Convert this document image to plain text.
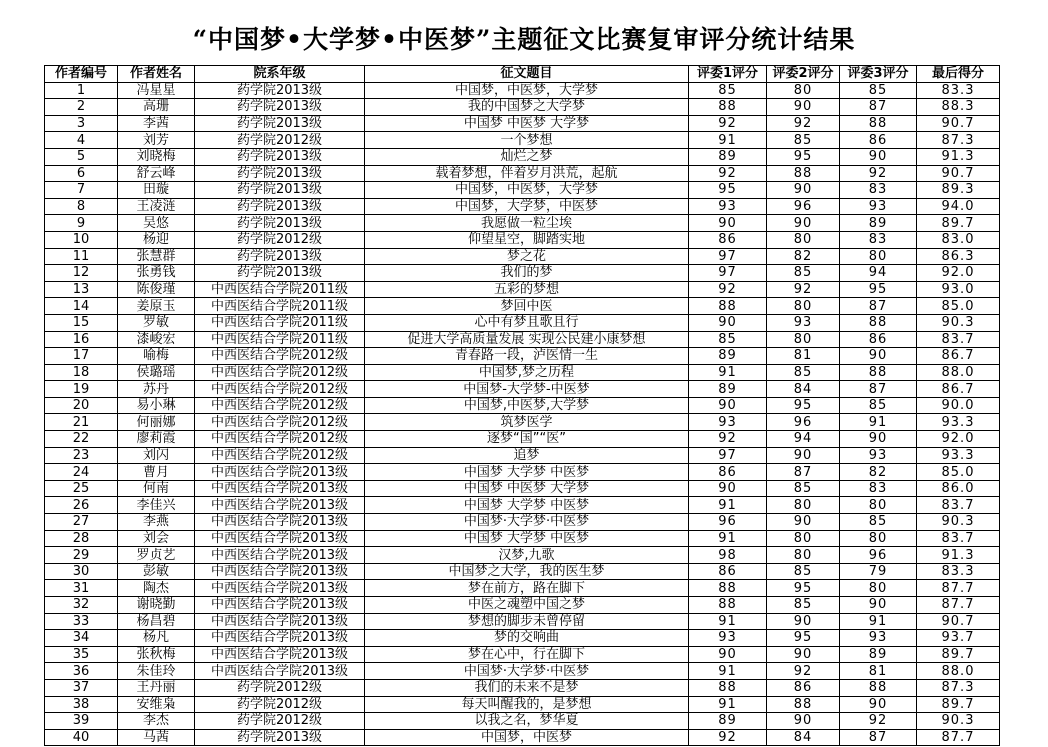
“中国梦•大学梦•中医梦”主题征文比赛复审评分统计结果
作者编号	作者姓名	院系年级	征文题目	评委1评分	评委2评分	评委3评分	最后得分
1	冯星星	药学院2013级	中国梦，中医梦，大学梦	85	80	85	83.3
2	高珊	药学院2013级	我的中国梦之大学梦	88	90	87	88.3
3	李茜	药学院2013级	中国梦 中医梦 大学梦	92	92	88	90.7
4	刘芳	药学院2012级	一个梦想	91	85	86	87.3
5	刘晓梅	药学院2013级	灿烂之梦	89	95	90	91.3
6	舒云峰	药学院2013级	载着梦想，伴着岁月洪荒，起航	92	88	92	90.7
7	田璇	药学院2013级	中国梦，中医梦，大学梦	95	90	83	89.3
8	王凌涟	药学院2013级	中国梦，大学梦，中医梦	93	96	93	94.0
9	吴悠	药学院2013级	我愿做一粒尘埃	90	90	89	89.7
10	杨迎	药学院2012级	仰望星空，脚踏实地	86	80	83	83.0
11	张慧群	药学院2013级	梦之花	97	82	80	86.3
12	张勇钱	药学院2013级	我们的梦	97	85	94	92.0
13	陈俊瑾	中西医结合学院2011级	五彩的梦想	92	92	95	93.0
14	姜原玉	中西医结合学院2011级	梦回中医	88	80	87	85.0
15	罗敏	中西医结合学院2011级	心中有梦且歌且行	90	93	88	90.3
16	漆峻宏	中西医结合学院2011级	促进大学高质量发展 实现公民建小康梦想	85	80	86	83.7
17	喻梅	中西医结合学院2012级	青春路一段，泸医情一生	89	81	90	86.7
18	侯璐瑶	中西医结合学院2012级	中国梦,梦之历程	91	85	88	88.0
19	苏丹	中西医结合学院2012级	中国梦-大学梦-中医梦	89	84	87	86.7
20	易小琳	中西医结合学院2012级	中国梦,中医梦,大学梦	90	95	85	90.0
21	何丽娜	中西医结合学院2012级	筑梦医学	93	96	91	93.3
22	廖莉霞	中西医结合学院2012级	逐梦“国”“医”	92	94	90	92.0
23	刘闪	中西医结合学院2012级	追梦	97	90	93	93.3
24	曹月	中西医结合学院2013级	中国梦 大学梦 中医梦	86	87	82	85.0
25	何南	中西医结合学院2013级	中国梦 中医梦 大学梦	90	85	83	86.0
26	李佳兴	中西医结合学院2013级	中国梦 大学梦 中医梦	91	80	80	83.7
27	李燕	中西医结合学院2013级	中国梦·大学梦·中医梦	96	90	85	90.3
28	刘会	中西医结合学院2013级	中国梦 大学梦 中医梦	91	80	80	83.7
29	罗贞艺	中西医结合学院2013级	汉梦,九歌	98	80	96	91.3
30	彭敏	中西医结合学院2013级	中国梦之大学，我的医生梦	86	85	79	83.3
31	陶杰	中西医结合学院2013级	梦在前方，路在脚下	88	95	80	87.7
32	谢晓勤	中西医结合学院2013级	中医之魂塑中国之梦	88	85	90	87.7
33	杨昌碧	中西医结合学院2013级	梦想的脚步未曾停留	91	90	91	90.7
34	杨凡	中西医结合学院2013级	梦的交响曲	93	95	93	93.7
35	张秋梅	中西医结合学院2013级	梦在心中，行在脚下	90	90	89	89.7
36	朱佳玲	中西医结合学院2013级	中国梦·大学梦·中医梦	91	92	81	88.0
37	王丹丽	药学院2012级	我们的未来不是梦	88	86	88	87.3
38	安维枭	药学院2012级	每天叫醒我的，是梦想	91	88	90	89.7
39	李杰	药学院2012级	以我之名，梦华夏	89	90	92	90.3
40	马茜	药学院2013级	中国梦，中医梦	92	84	87	87.7
